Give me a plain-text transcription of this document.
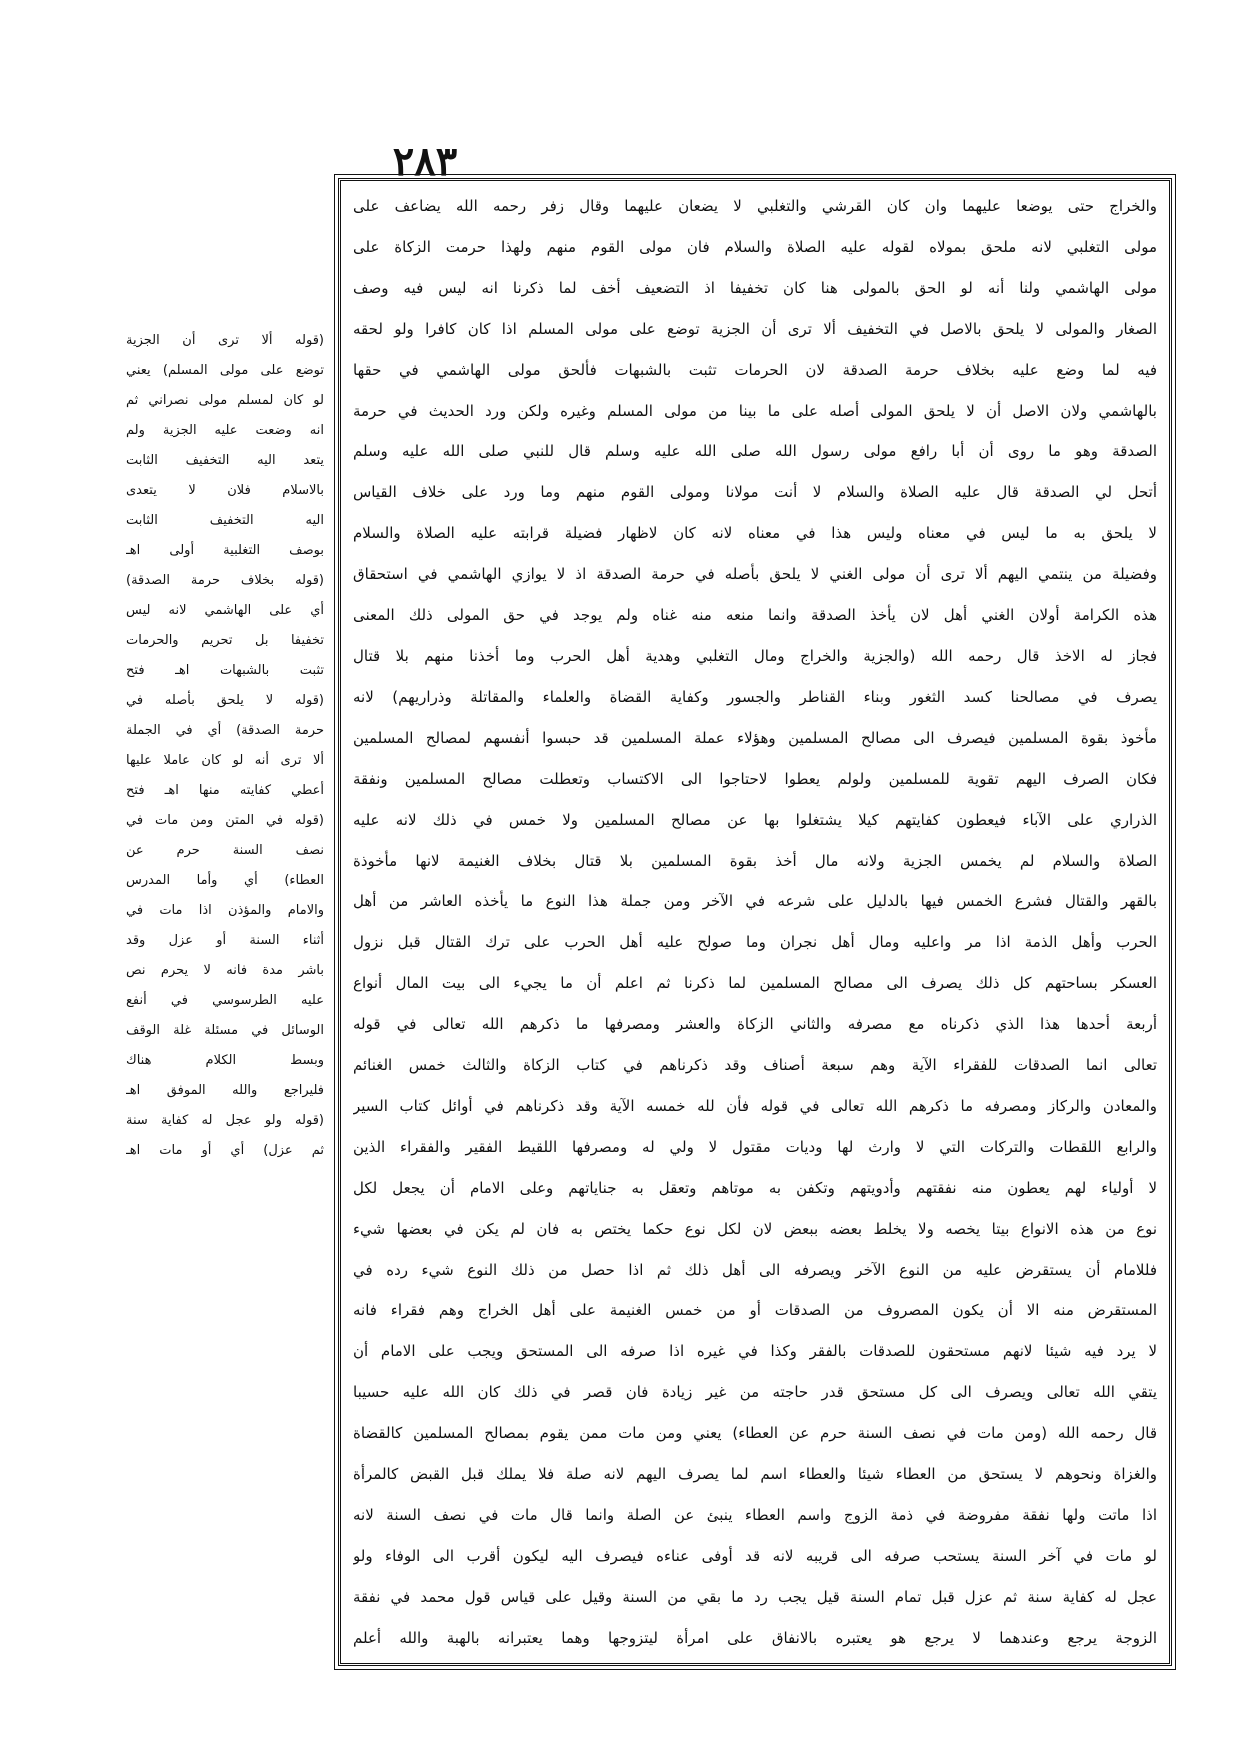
۲۸۳
(قوله ألا ترى أن الجزية
توضع على مولى المسلم) يعني
لو كان لمسلم مولى نصراني ثم
انه وضعت عليه الجزية ولم
يتعد اليه التخفيف الثابت
بالاسلام فلان لا يتعدى
اليه التخفيف الثابت
بوصف التغلبية أولى اهـ
(قوله بخلاف حرمة الصدقة)
أي على الهاشمي لانه ليس
تخفيفا بل تحريم والحرمات
تثبت بالشبهات اهـ فتح
(قوله لا يلحق بأصله في
حرمة الصدقة) أي في الجملة
ألا ترى أنه لو كان عاملا عليها
أعطي كفايته منها اهـ فتح
(قوله في المتن ومن مات في
نصف السنة حرم عن
العطاء) أي وأما المدرس
والامام والمؤذن اذا مات في
أثناء السنة أو عزل وقد
باشر مدة فانه لا يحرم نص
عليه الطرسوسي في أنفع
الوسائل في مسئلة غلة الوقف
وبسط الكلام هناك
فليراجع والله الموفق اهـ
(قوله ولو عجل له كفاية سنة
ثم عزل) أي أو مات اهـ
والخراج حتى يوضعا عليهما وان كان القرشي والتغلبي لا يضعان عليهما وقال زفر رحمه الله يضاعف على
مولى التغلبي لانه ملحق بمولاه لقوله عليه الصلاة والسلام فان مولى القوم منهم ولهذا حرمت الزكاة على
مولى الهاشمي ولنا أنه لو الحق بالمولى هنا كان تخفيفا اذ التضعيف أخف لما ذكرنا انه ليس فيه وصف
الصغار والمولى لا يلحق بالاصل في التخفيف ألا ترى أن الجزية توضع على مولى المسلم اذا كان كافرا ولو لحقه
فيه لما وضع عليه بخلاف حرمة الصدقة لان الحرمات تثبت بالشبهات فألحق مولى الهاشمي في حقها
بالهاشمي ولان الاصل أن لا يلحق المولى أصله على ما بينا من مولى المسلم وغيره ولكن ورد الحديث في حرمة
الصدقة وهو ما روى أن أبا رافع مولى رسول الله صلى الله عليه وسلم قال للنبي صلى الله عليه وسلم
أتحل لي الصدقة قال عليه الصلاة والسلام لا أنت مولانا ومولى القوم منهم وما ورد على خلاف القياس
لا يلحق به ما ليس في معناه وليس هذا في معناه لانه كان لاظهار فضيلة قرابته عليه الصلاة والسلام
وفضيلة من ينتمي اليهم ألا ترى أن مولى الغني لا يلحق بأصله في حرمة الصدقة اذ لا يوازي الهاشمي في استحقاق
هذه الكرامة أولان الغني أهل لان يأخذ الصدقة وانما منعه منه غناه ولم يوجد في حق المولى ذلك المعنى
فجاز له الاخذ قال رحمه الله (والجزية والخراج ومال التغلبي وهدية أهل الحرب وما أخذنا منهم بلا قتال
يصرف في مصالحنا كسد الثغور وبناء القناطر والجسور وكفاية القضاة والعلماء والمقاتلة وذراريهم) لانه
مأخوذ بقوة المسلمين فيصرف الى مصالح المسلمين وهؤلاء عملة المسلمين قد حبسوا أنفسهم لمصالح المسلمين
فكان الصرف اليهم تقوية للمسلمين ولولم يعطوا لاحتاجوا الى الاكتساب وتعطلت مصالح المسلمين ونفقة
الذراري على الآباء فيعطون كفايتهم كيلا يشتغلوا بها عن مصالح المسلمين ولا خمس في ذلك لانه عليه
الصلاة والسلام لم يخمس الجزية ولانه مال أخذ بقوة المسلمين بلا قتال بخلاف الغنيمة لانها مأخوذة
بالقهر والقتال فشرع الخمس فيها بالدليل على شرعه في الآخر ومن جملة هذا النوع ما يأخذه العاشر من أهل
الحرب وأهل الذمة اذا مر واعليه ومال أهل نجران وما صولح عليه أهل الحرب على ترك القتال قبل نزول
العسكر بساحتهم كل ذلك يصرف الى مصالح المسلمين لما ذكرنا ثم اعلم أن ما يجيء الى بيت المال أنواع
أربعة أحدها هذا الذي ذكرناه مع مصرفه والثاني الزكاة والعشر ومصرفها ما ذكرهم الله تعالى في قوله
تعالى انما الصدقات للفقراء الآية وهم سبعة أصناف وقد ذكرناهم في كتاب الزكاة والثالث خمس الغنائم
والمعادن والركاز ومصرفه ما ذكرهم الله تعالى في قوله فأن لله خمسه الآية وقد ذكرناهم في أوائل كتاب السير
والرابع اللقطات والتركات التي لا وارث لها وديات مقتول لا ولي له ومصرفها اللقيط الفقير والفقراء الذين
لا أولياء لهم يعطون منه نفقتهم وأدويتهم وتكفن به موتاهم وتعقل به جناياتهم وعلى الامام أن يجعل لكل
نوع من هذه الانواع بيتا يخصه ولا يخلط بعضه ببعض لان لكل نوع حكما يختص به فان لم يكن في بعضها شيء
فللامام أن يستقرض عليه من النوع الآخر ويصرفه الى أهل ذلك ثم اذا حصل من ذلك النوع شيء رده في
المستقرض منه الا أن يكون المصروف من الصدقات أو من خمس الغنيمة على أهل الخراج وهم فقراء فانه
لا يرد فيه شيئا لانهم مستحقون للصدقات بالفقر وكذا في غيره اذا صرفه الى المستحق ويجب على الامام أن
يتقي الله تعالى ويصرف الى كل مستحق قدر حاجته من غير زيادة فان قصر في ذلك كان الله عليه حسيبا
قال رحمه الله (ومن مات في نصف السنة حرم عن العطاء) يعني ومن مات ممن يقوم بمصالح المسلمين كالقضاة
والغزاة ونحوهم لا يستحق من العطاء شيئا والعطاء اسم لما يصرف اليهم لانه صلة فلا يملك قبل القبض كالمرأة
اذا ماتت ولها نفقة مفروضة في ذمة الزوج واسم العطاء ينبئ عن الصلة وانما قال مات في نصف السنة لانه
لو مات في آخر السنة يستحب صرفه الى قريبه لانه قد أوفى عناءه فيصرف اليه ليكون أقرب الى الوفاء ولو
عجل له كفاية سنة ثم عزل قبل تمام السنة قيل يجب رد ما بقي من السنة وقيل على قياس قول محمد في نفقة
الزوجة يرجع وعندهما لا يرجع هو يعتبره بالانفاق على امرأة ليتزوجها وهما يعتبرانه بالهبة والله أعلم
